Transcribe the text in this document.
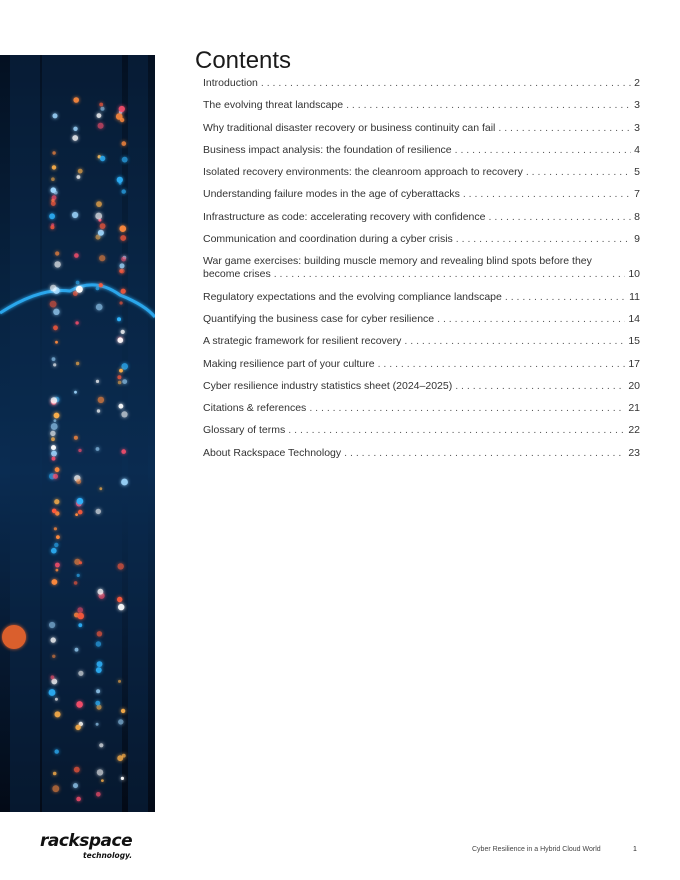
Contents
Introduction . . .	2
The evolving threat landscape . . .	3
Why traditional disaster recovery or business continuity can fail . . .	3
Business impact analysis: the foundation of resilience . . .	4
Isolated recovery environments: the cleanroom approach to recovery . . .	5
Understanding failure modes in the age of cyberattacks . . .	7
Infrastructure as code: accelerating recovery with confidence . . .	8
Communication and coordination during a cyber crisis . . .	9
War game exercises: building muscle memory and revealing blind spots before they
become crises . . .	10
Regulatory expectations and the evolving compliance landscape . . .	11
Quantifying the business case for cyber resilience . . .	14
A strategic framework for resilient recovery . . .	15
Making resilience part of your culture . . .	17
Cyber resilience industry statistics sheet (2024–2025) . . .	20
Citations & references . . .	21
Glossary of terms . . .	22
About Rackspace Technology . . .	23
rackspace
technology.
Cyber Resilience in a Hybrid Cloud World	1
